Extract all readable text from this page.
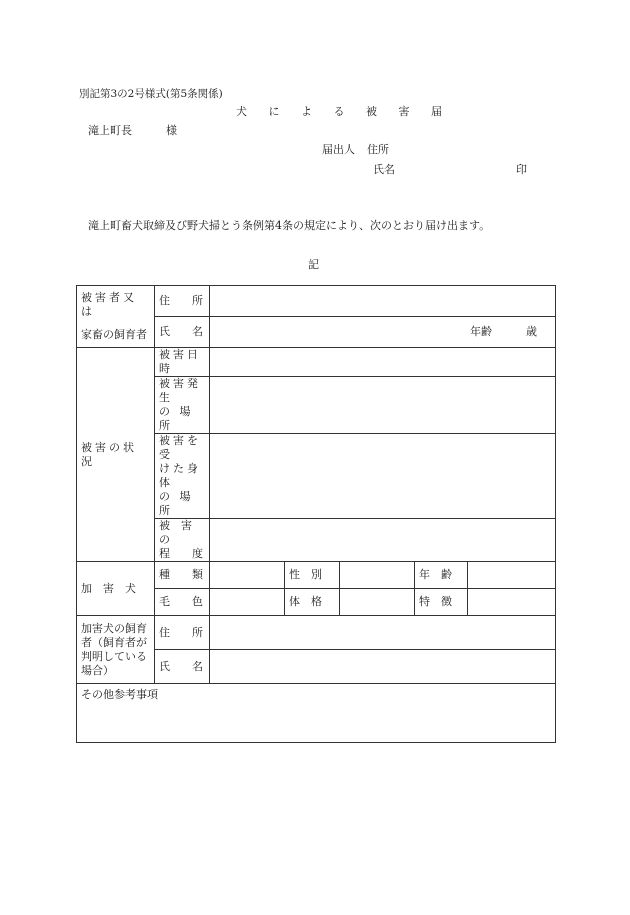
別記第3の2号様式(第5条関係)
犬 に よ る 被 害 届
滝上町長	様
届出人 住所
氏名	印
滝上町畜犬取締及び野犬掃とう条例第4条の規定により、次のとおり届け出ます。
記
被害者又は
家畜の飼育者	住　　所					
	氏　　名	年齢 歳				
被害の状況	被害日時					

	被害発生
の 場 所					

	被害を受
けた身体
の 場 所					

	被　害　の
程　　度					

加　害　犬	種　　類		性　別		年　齢	
	毛　　色		体　格		特　徴	

加害犬の飼育
者（飼育者が
判明している
場合）	住　　所					
	氏　　名					
その他参考事項						
